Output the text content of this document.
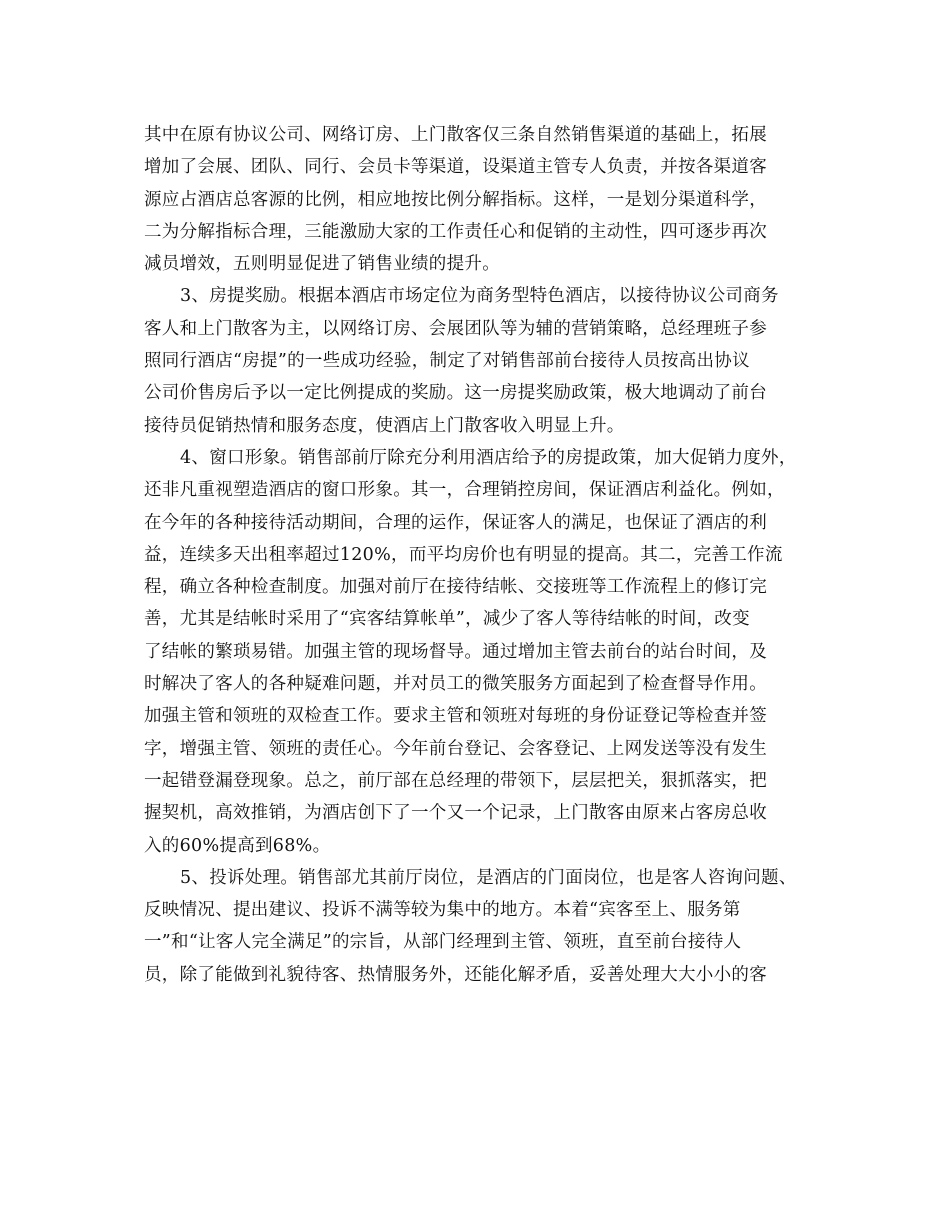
其中在原有协议公司、网络订房、上门散客仅三条自然销售渠道的基础上，拓展
增加了会展、团队、同行、会员卡等渠道，设渠道主管专人负责，并按各渠道客
源应占酒店总客源的比例，相应地按比例分解指标。这样，一是划分渠道科学，
二为分解指标合理，三能激励大家的工作责任心和促销的主动性，四可逐步再次
减员增效，五则明显促进了销售业绩的提升。
3、房提奖励。根据本酒店市场定位为商务型特色酒店，以接待协议公司商务
客人和上门散客为主，以网络订房、会展团队等为辅的营销策略，总经理班子参
照同行酒店“房提”的一些成功经验，制定了对销售部前台接待人员按高出协议
公司价售房后予以一定比例提成的奖励。这一房提奖励政策，极大地调动了前台
接待员促销热情和服务态度，使酒店上门散客收入明显上升。
4、窗口形象。销售部前厅除充分利用酒店给予的房提政策，加大促销力度外，
还非凡重视塑造酒店的窗口形象。其一，合理销控房间，保证酒店利益化。例如，
在今年的各种接待活动期间，合理的运作，保证客人的满足，也保证了酒店的利
益，连续多天出租率超过120%，而平均房价也有明显的提高。其二，完善工作流
程，确立各种检查制度。加强对前厅在接待结帐、交接班等工作流程上的修订完
善，尤其是结帐时采用了“宾客结算帐单”，减少了客人等待结帐的时间，改变
了结帐的繁琐易错。加强主管的现场督导。通过增加主管去前台的站台时间，及
时解决了客人的各种疑难问题，并对员工的微笑服务方面起到了检查督导作用。
加强主管和领班的双检查工作。要求主管和领班对每班的身份证登记等检查并签
字，增强主管、领班的责任心。今年前台登记、会客登记、上网发送等没有发生
一起错登漏登现象。总之，前厅部在总经理的带领下，层层把关，狠抓落实，把
握契机，高效推销，为酒店创下了一个又一个记录，上门散客由原来占客房总收
入的60%提高到68%。
5、投诉处理。销售部尤其前厅岗位，是酒店的门面岗位，也是客人咨询问题、
反映情况、提出建议、投诉不满等较为集中的地方。本着“宾客至上、服务第
一”和“让客人完全满足”的宗旨，从部门经理到主管、领班，直至前台接待人
员，除了能做到礼貌待客、热情服务外，还能化解矛盾，妥善处理大大小小的客
